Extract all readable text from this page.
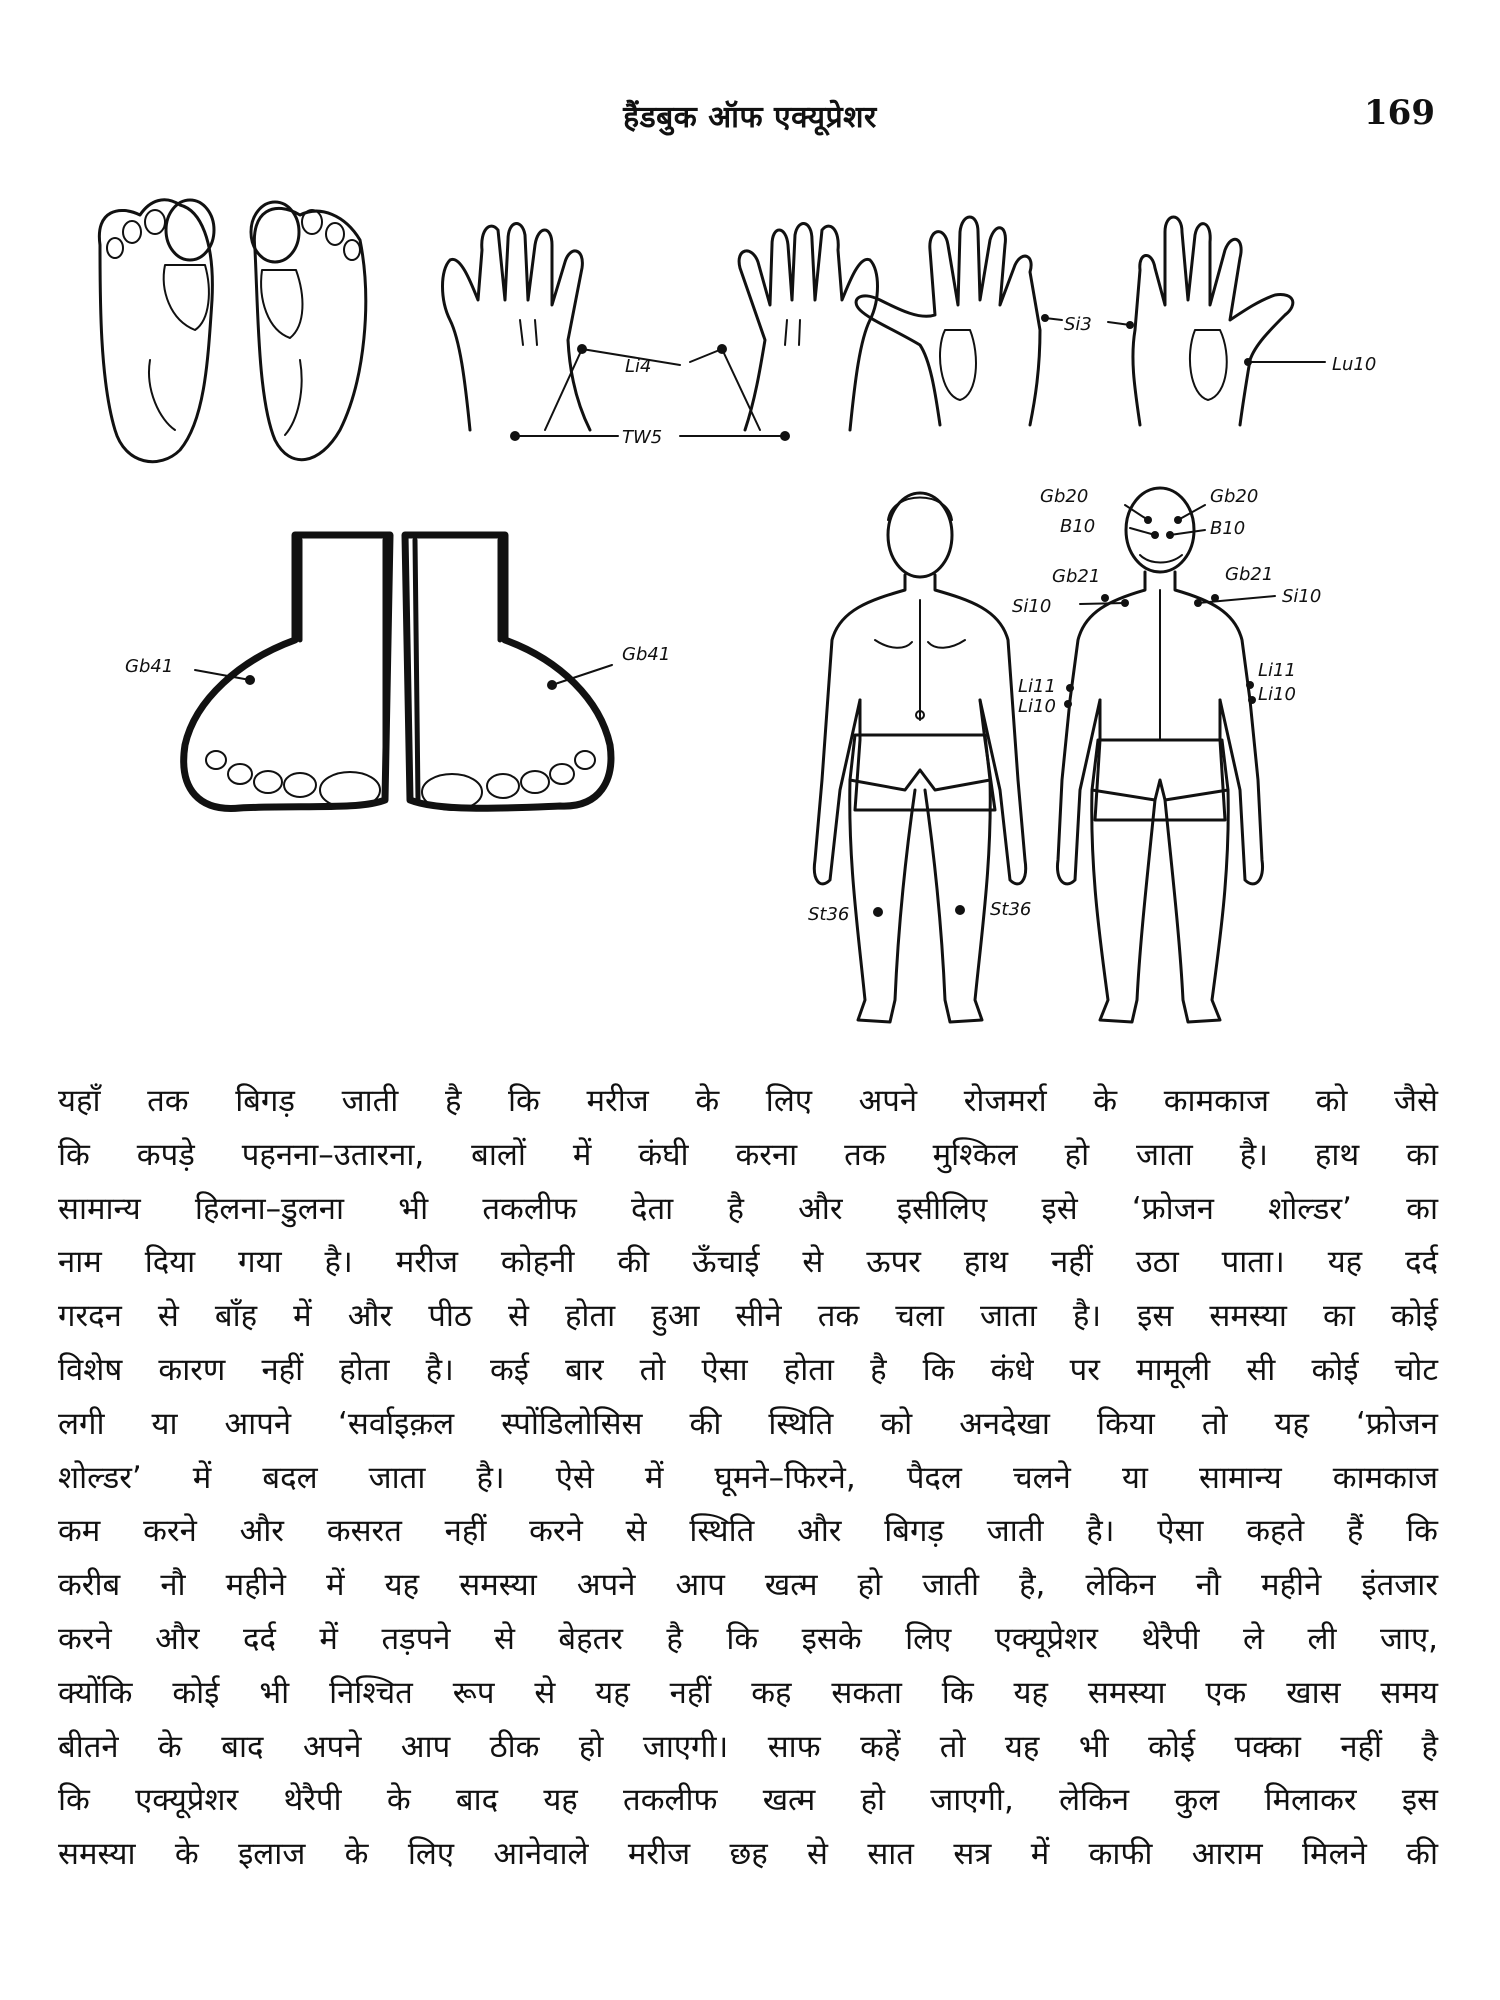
हैंडबुक ऑफ एक्यूप्रेशर	169
Li4
TW5
Si3
Lu10
Gb41
Gb41
Li11
Li10
St36	St36
Gb20	Gb20
B10	B10
Gb21	Gb21
Si10	Si10
Li11
Li10
यहाँ तक बिगड़ जाती है कि मरीज के लिए अपने रोजमर्रा के कामकाज को जैसे
कि कपड़े पहनना–उतारना, बालों में कंघी करना तक मुश्किल हो जाता है। हाथ का
सामान्य हिलना–डुलना भी तकलीफ देता है और इसीलिए इसे ‘फ्रोजन शोल्डर’ का
नाम दिया गया है। मरीज कोहनी की ऊँचाई से ऊपर हाथ नहीं उठा पाता। यह दर्द
गरदन से बाँह में और पीठ से होता हुआ सीने तक चला जाता है। इस समस्या का कोई
विशेष कारण नहीं होता है। कई बार तो ऐसा होता है कि कंधे पर मामूली सी कोई चोट
लगी या आपने ‘सर्वाइक़ल स्पोंडिलोसिस की स्थिति को अनदेखा किया तो यह ‘फ्रोजन
शोल्डर’ में बदल जाता है। ऐसे में घूमने–फिरने, पैदल चलने या सामान्य कामकाज
कम करने और कसरत नहीं करने से स्थिति और बिगड़ जाती है। ऐसा कहते हैं कि
करीब नौ महीने में यह समस्या अपने आप खत्म हो जाती है, लेकिन नौ महीने इंतजार
करने और दर्द में तड़पने से बेहतर है कि इसके लिए एक्यूप्रेशर थेरैपी ले ली जाए,
क्योंकि कोई भी निश्चित रूप से यह नहीं कह सकता कि यह समस्या एक खास समय
बीतने के बाद अपने आप ठीक हो जाएगी। साफ कहें तो यह भी कोई पक्का नहीं है
कि एक्यूप्रेशर थेरैपी के बाद यह तकलीफ खत्म हो जाएगी, लेकिन कुल मिलाकर इस
समस्या के इलाज के लिए आनेवाले मरीज छह से सात सत्र में काफी आराम मिलने की
